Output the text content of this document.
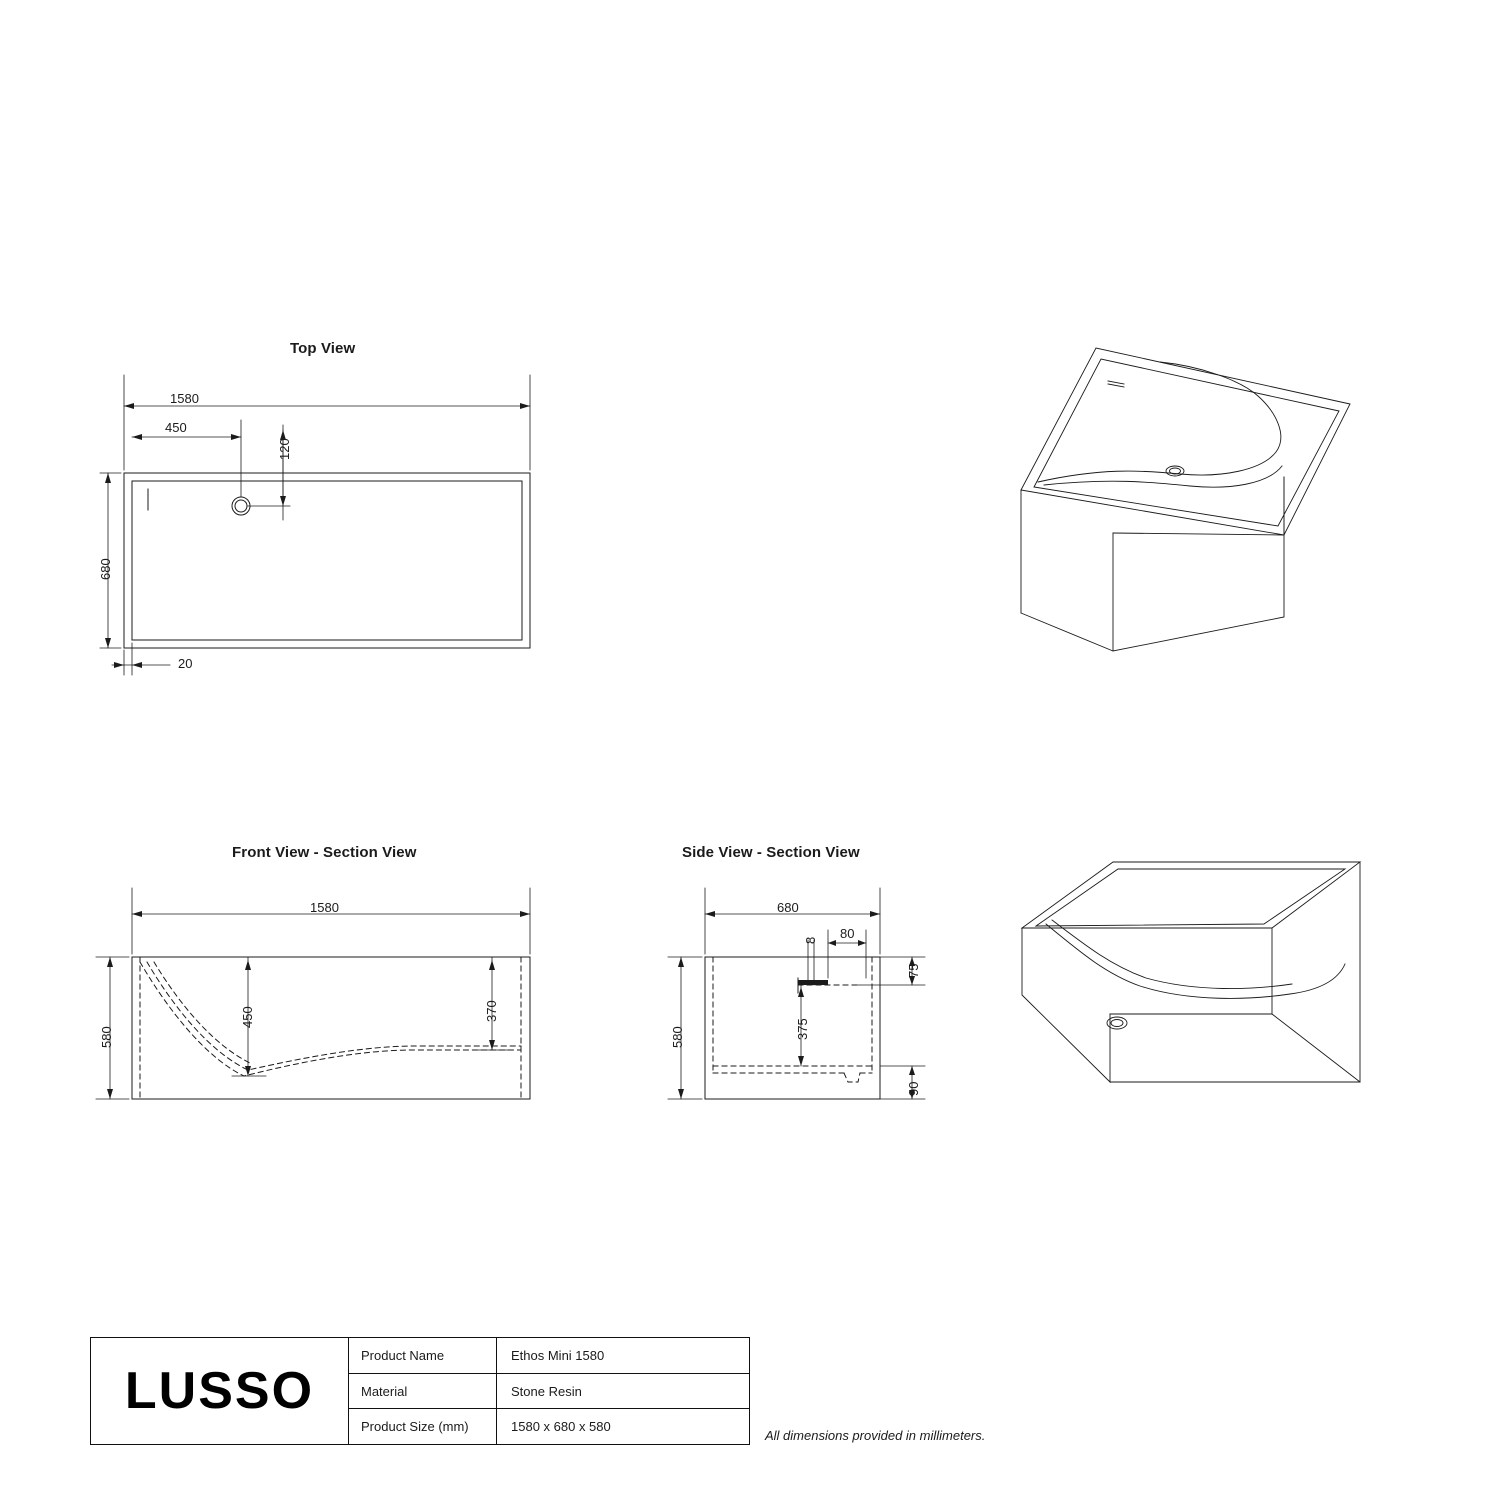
Top View
Front View - Section View	Side View - Section View
1580
450
120
680
20
1580
580
450	370
680
80
8
75
375
580
90
LUSSO
Product Name	Ethos Mini 1580
Material	Stone Resin
Product Size (mm)	1580 x 680 x 580
All dimensions provided in millimeters.
